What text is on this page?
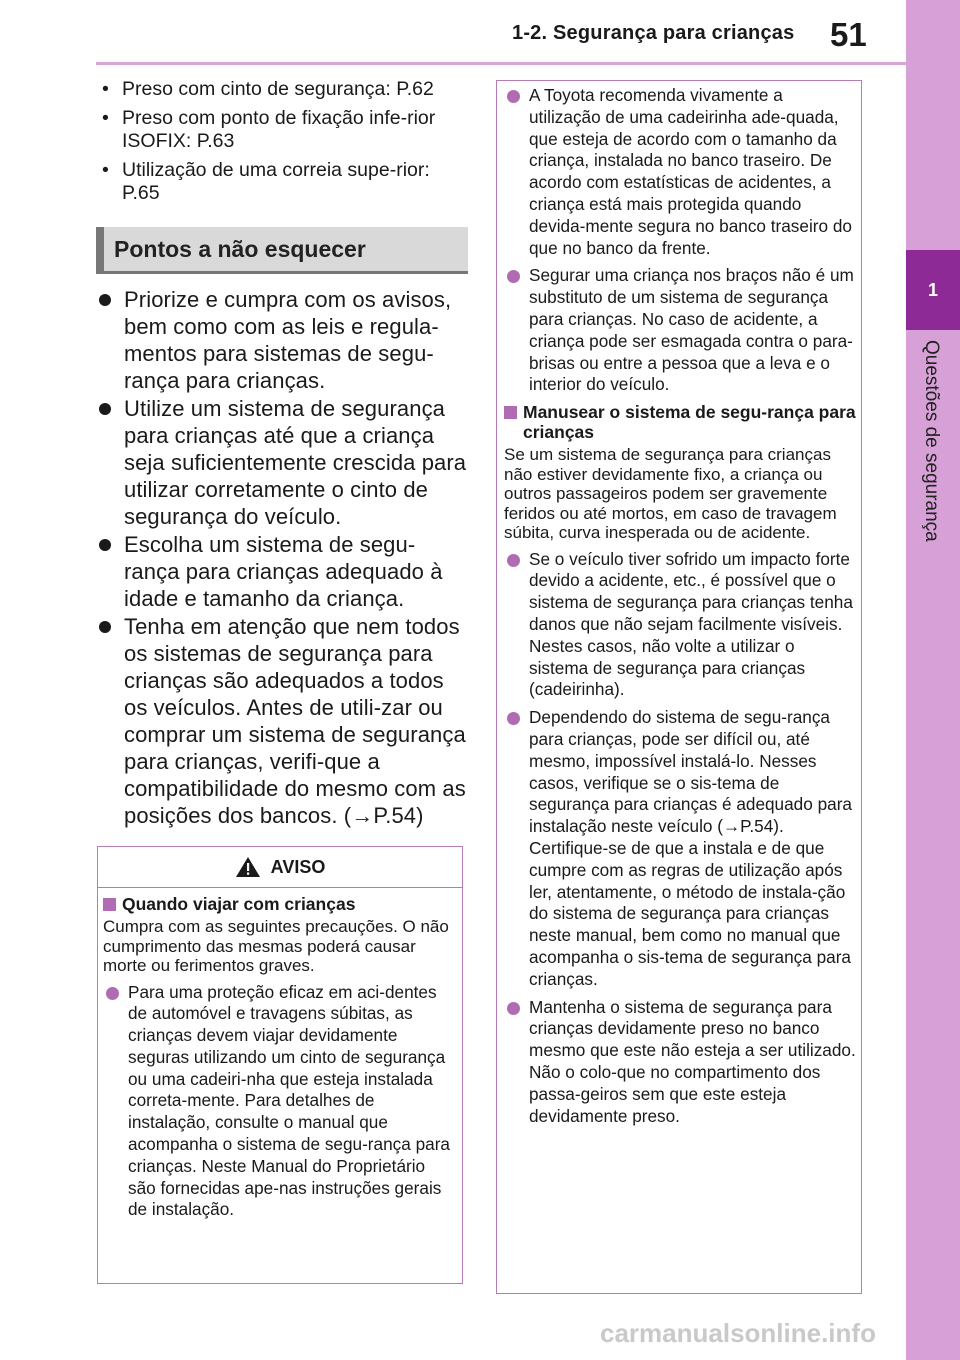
1-2. Segurança para crianças 51
1
Questões de segurança
• Preso com cinto de segurança: P.62
• Preso com ponto de fixação infe-rior ISOFIX: P.63
• Utilização de uma correia supe-rior: P.65
Pontos a não esquecer
Priorize e cumpra com os avisos, bem como com as leis e regula-mentos para sistemas de segu-rança para crianças.
Utilize um sistema de segurança para crianças até que a criança seja suficientemente crescida para utilizar corretamente o cinto de segurança do veículo.
Escolha um sistema de segu-rança para crianças adequado à idade e tamanho da criança.
Tenha em atenção que nem todos os sistemas de segurança para crianças são adequados a todos os veículos. Antes de utili-zar ou comprar um sistema de segurança para crianças, verifi-que a compatibilidade do mesmo com as posições dos bancos. (→P.54)
AVISO
Quando viajar com crianças
Cumpra com as seguintes precauções. O não cumprimento das mesmas poderá causar morte ou ferimentos graves.
Para uma proteção eficaz em aci-dentes de automóvel e travagens súbitas, as crianças devem viajar devidamente seguras utilizando um cinto de segurança ou uma cadeiri-nha que esteja instalada correta-mente. Para detalhes de instalação, consulte o manual que acompanha o sistema de segu-rança para crianças. Neste Manual do Proprietário são fornecidas ape-nas instruções gerais de instalação.
A Toyota recomenda vivamente a utilização de uma cadeirinha ade-quada, que esteja de acordo com o tamanho da criança, instalada no banco traseiro. De acordo com estatísticas de acidentes, a criança está mais protegida quando devida-mente segura no banco traseiro do que no banco da frente.
Segurar uma criança nos braços não é um substituto de um sistema de segurança para crianças. No caso de acidente, a criança pode ser esmagada contra o para-brisas ou entre a pessoa que a leva e o interior do veículo.
Manusear o sistema de segu-rança para crianças
Se um sistema de segurança para crianças não estiver devidamente fixo, a criança ou outros passageiros podem ser gravemente feridos ou até mortos, em caso de travagem súbita, curva inesperada ou de acidente.
Se o veículo tiver sofrido um impacto forte devido a acidente, etc., é possível que o sistema de segurança para crianças tenha danos que não sejam facilmente visíveis. Nestes casos, não volte a utilizar o sistema de segurança para crianças (cadeirinha).
Dependendo do sistema de segu-rança para crianças, pode ser difícil ou, até mesmo, impossível instalá-lo. Nesses casos, verifique se o sis-tema de segurança para crianças é adequado para instalação neste veículo (→P.54). Certifique-se de que a instala e de que cumpre com as regras de utilização após ler, atentamente, o método de instala-ção do sistema de segurança para crianças neste manual, bem como no manual que acompanha o sis-tema de segurança para crianças.
Mantenha o sistema de segurança para crianças devidamente preso no banco mesmo que este não esteja a ser utilizado. Não o colo-que no compartimento dos passa-geiros sem que este esteja devidamente preso.
carmanualsonline.info
